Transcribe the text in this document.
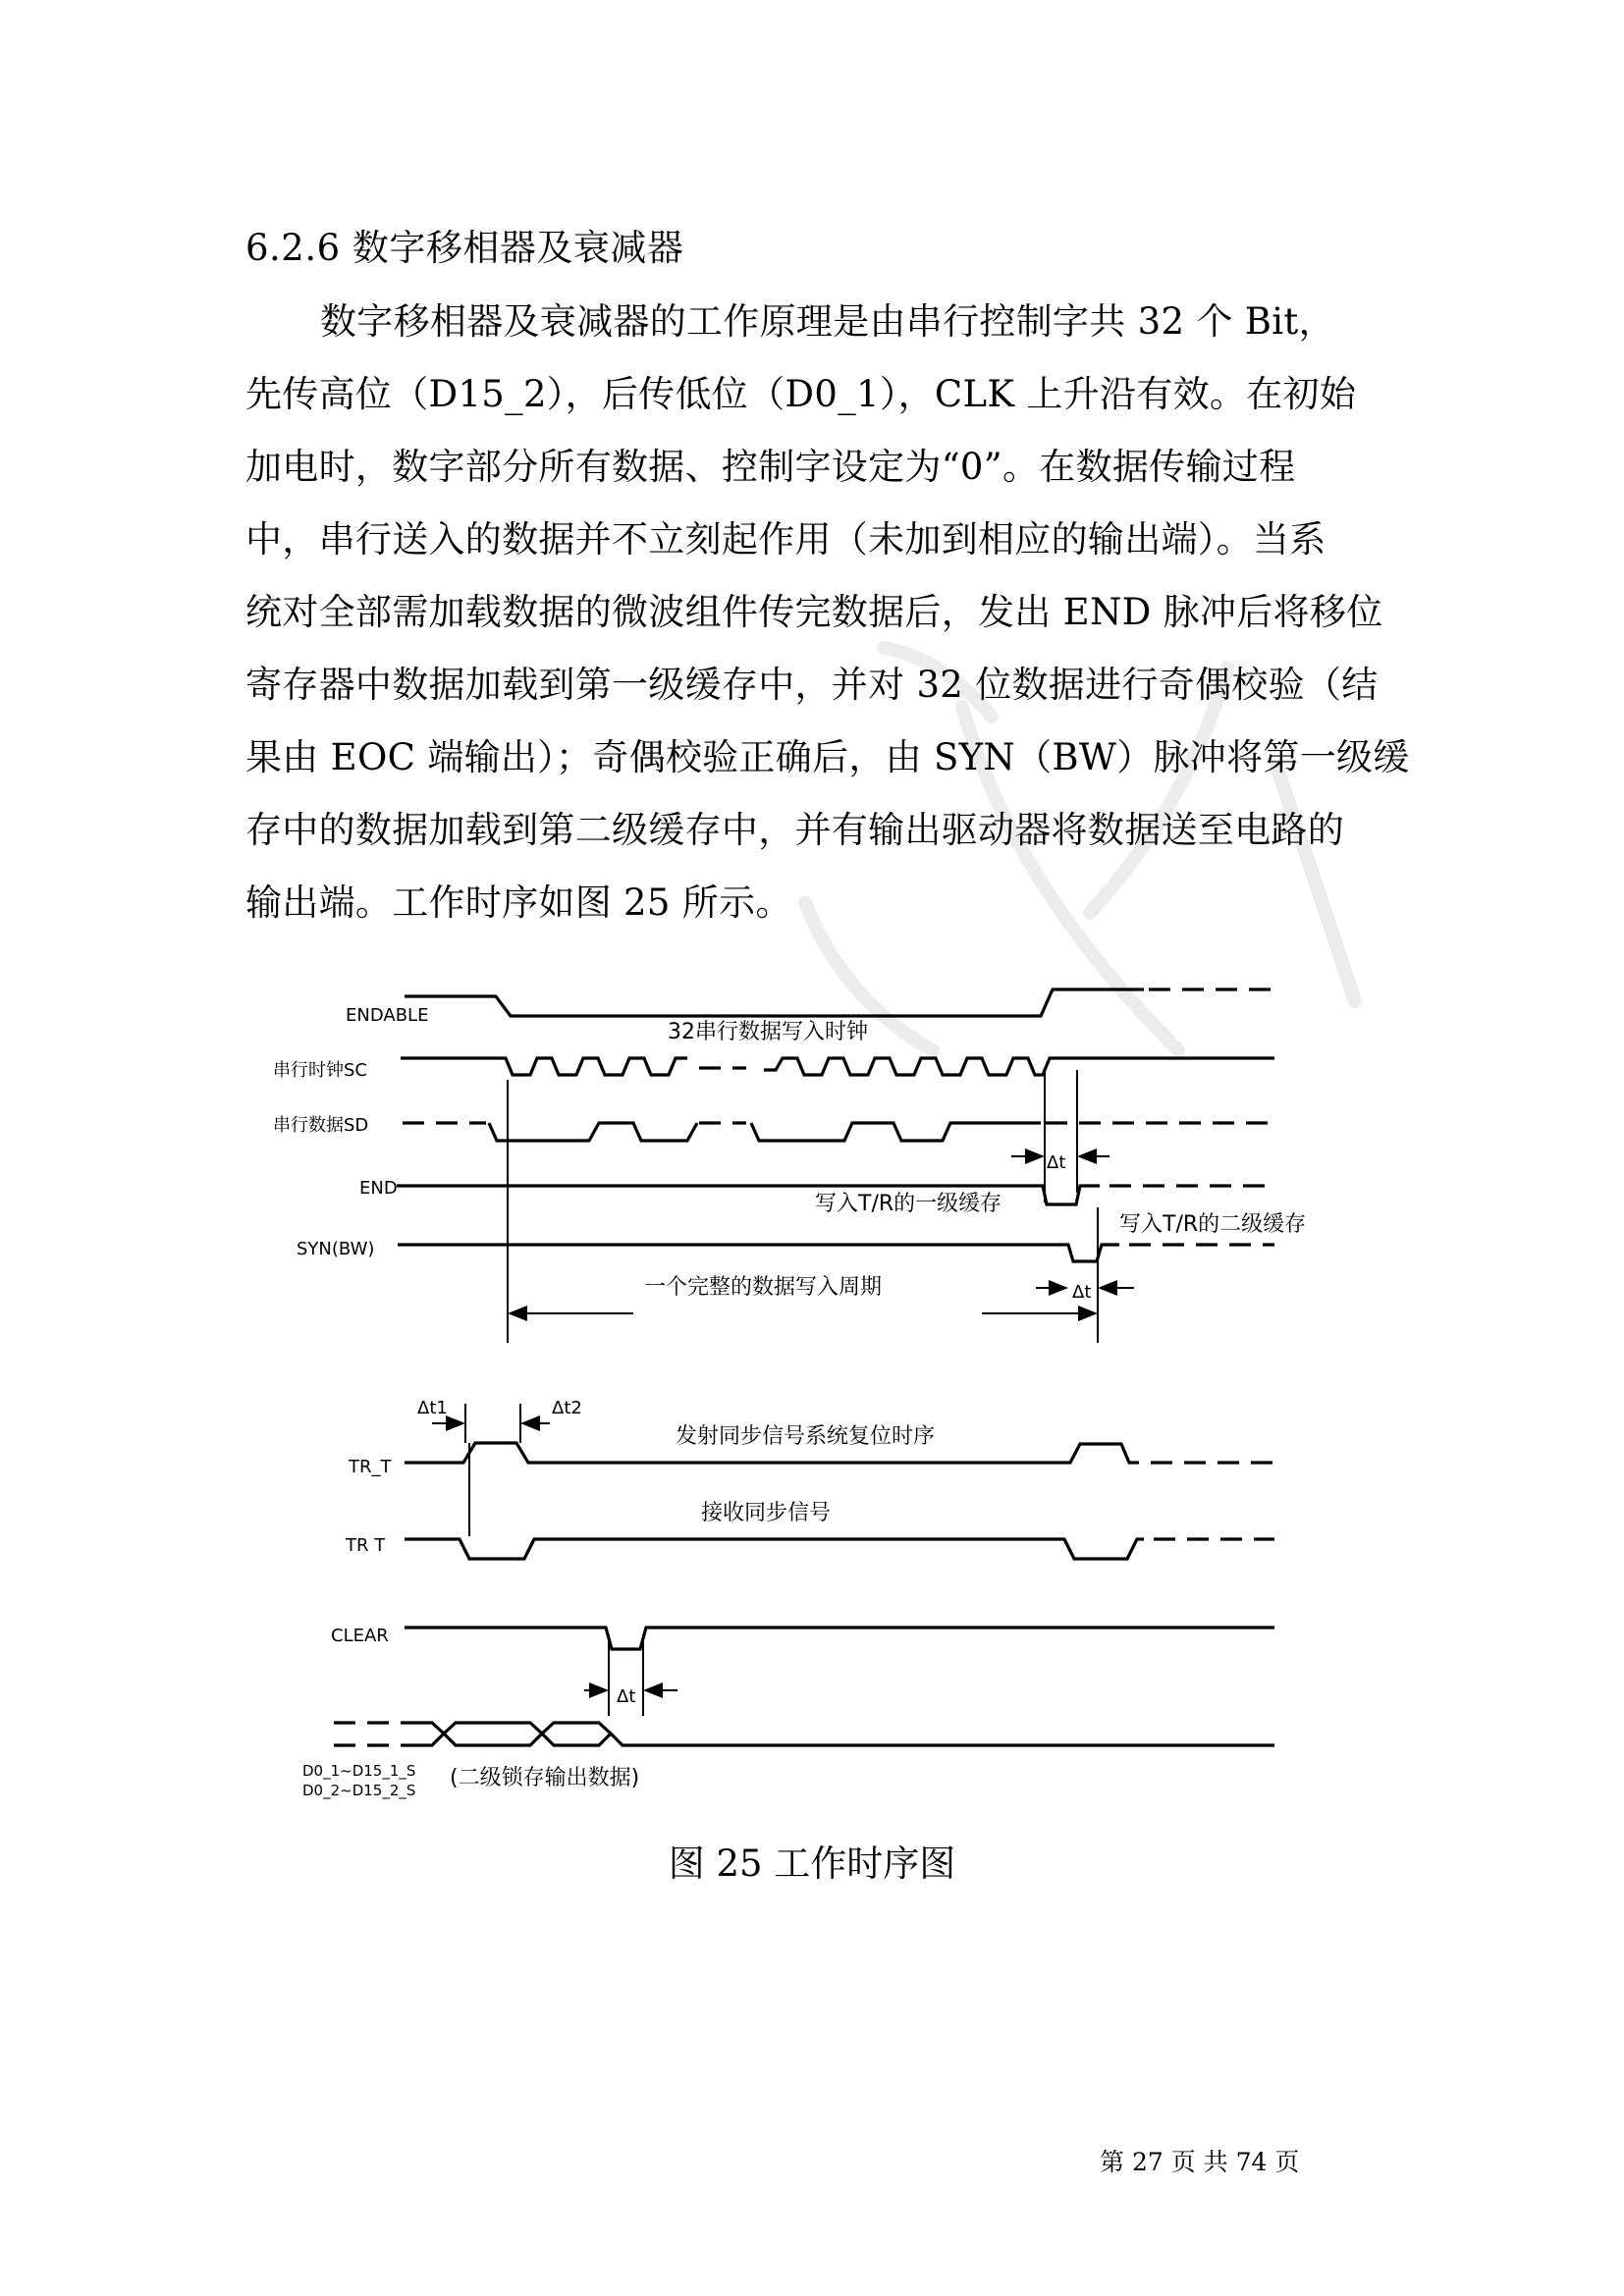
6.2.6 数字移相器及衰减器
数字移相器及衰减器的工作原理是由串行控制字共 32 个 Bit，
先传高位（D15_2），后传低位（D0_1），CLK 上升沿有效。在初始
加电时，数字部分所有数据、控制字设定为“0”。在数据传输过程
中，串行送入的数据并不立刻起作用（未加到相应的输出端）。当系
统对全部需加载数据的微波组件传完数据后，发出 END 脉冲后将移位
寄存器中数据加载到第一级缓存中，并对 32 位数据进行奇偶校验（结
果由 EOC 端输出）；奇偶校验正确后，由 SYN（BW）脉冲将第一级缓
存中的数据加载到第二级缓存中，并有输出驱动器将数据送至电路的
输出端。工作时序如图 25 所示。
ENDABLE
串行时钟SC
串行数据SD
END
SYN(BW)
Δt
Δt
32串行数据写入时钟
写入T/R的一级缓存
写入T/R的二级缓存
一个完整的数据写入周期
TR_T
TR T
CLEAR
D0_1~D15_1_S
D0_2~D15_2_S
Δt1	Δt2
Δt
(二级锁存输出数据)
发射同步信号系统复位时序
接收同步信号
图 25 工作时序图
第 27 页 共 74 页
